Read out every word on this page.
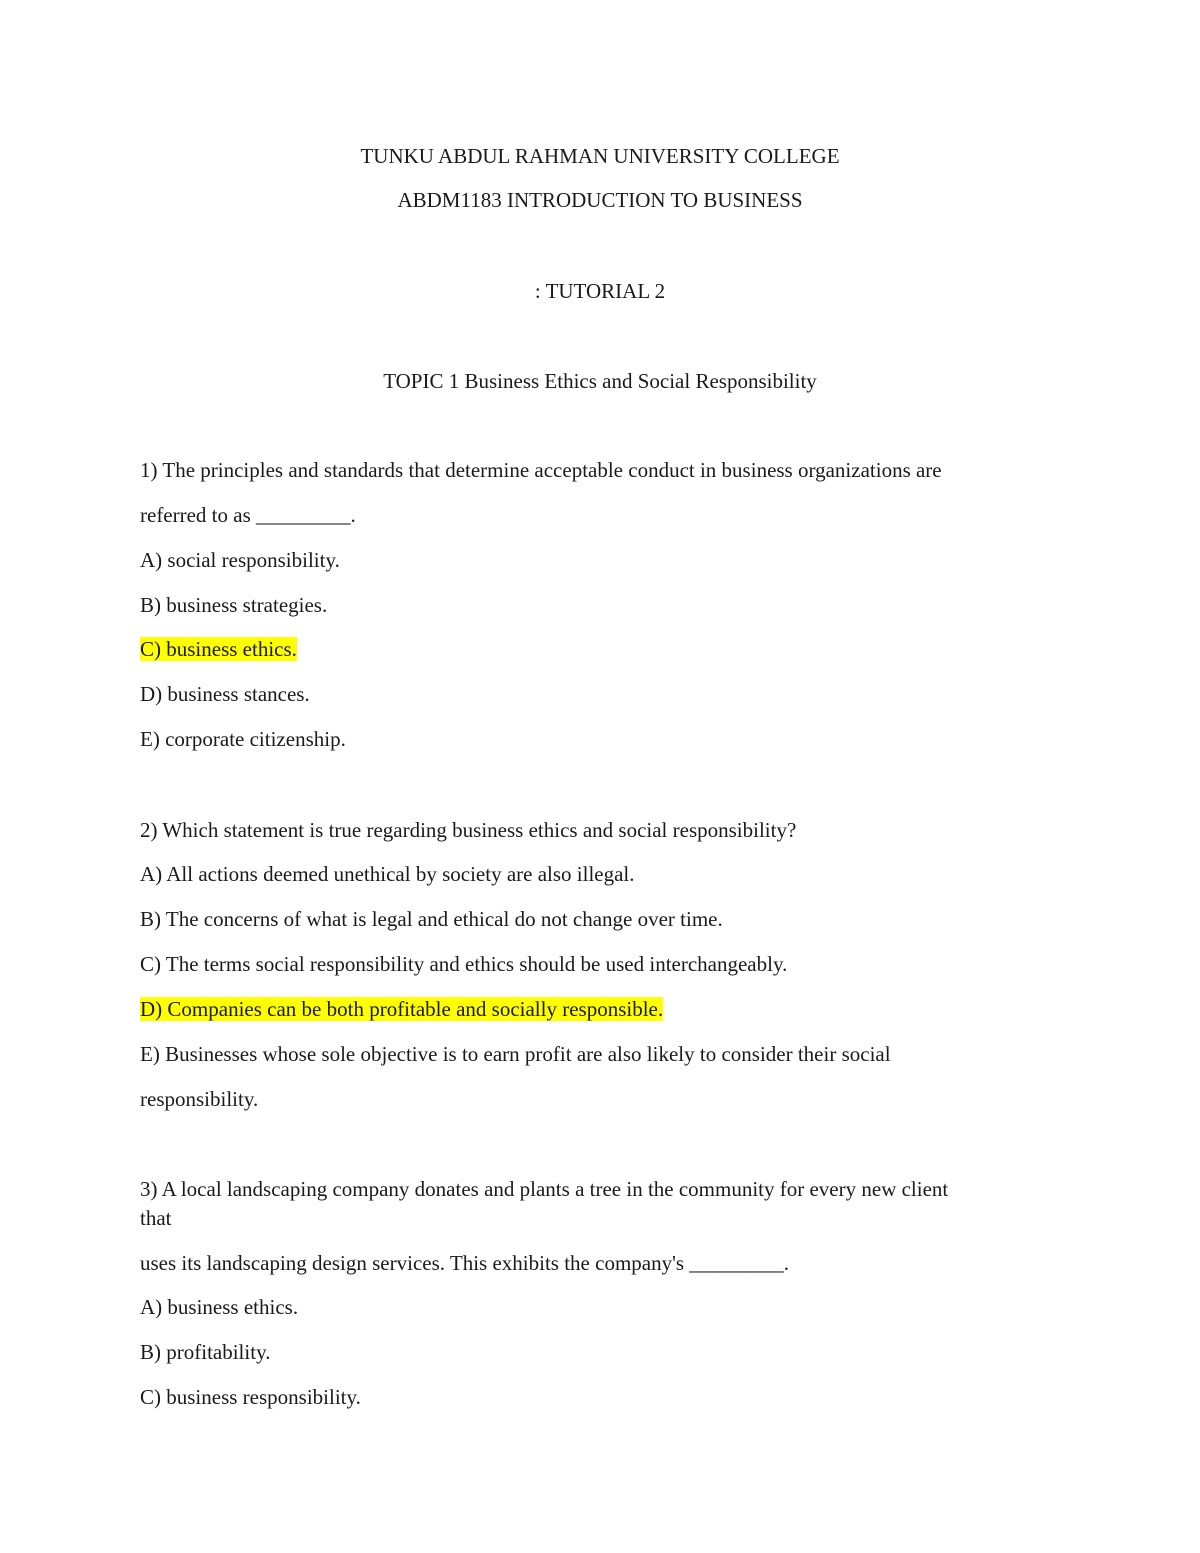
TUNKU ABDUL RAHMAN UNIVERSITY COLLEGE
ABDM1183 INTRODUCTION TO BUSINESS
: TUTORIAL 2
TOPIC 1 Business Ethics and Social Responsibility
1) The principles and standards that determine acceptable conduct in business organizations are
referred to as _________.
A) social responsibility.
B) business strategies.
C) business ethics.
D) business stances.
E) corporate citizenship.
2) Which statement is true regarding business ethics and social responsibility?
A) All actions deemed unethical by society are also illegal.
B) The concerns of what is legal and ethical do not change over time.
C) The terms social responsibility and ethics should be used interchangeably.
D) Companies can be both profitable and socially responsible.
E) Businesses whose sole objective is to earn profit are also likely to consider their social
responsibility.
3) A local landscaping company donates and plants a tree in the community for every new client
that
uses its landscaping design services. This exhibits the company's _________.
A) business ethics.
B) profitability.
C) business responsibility.
